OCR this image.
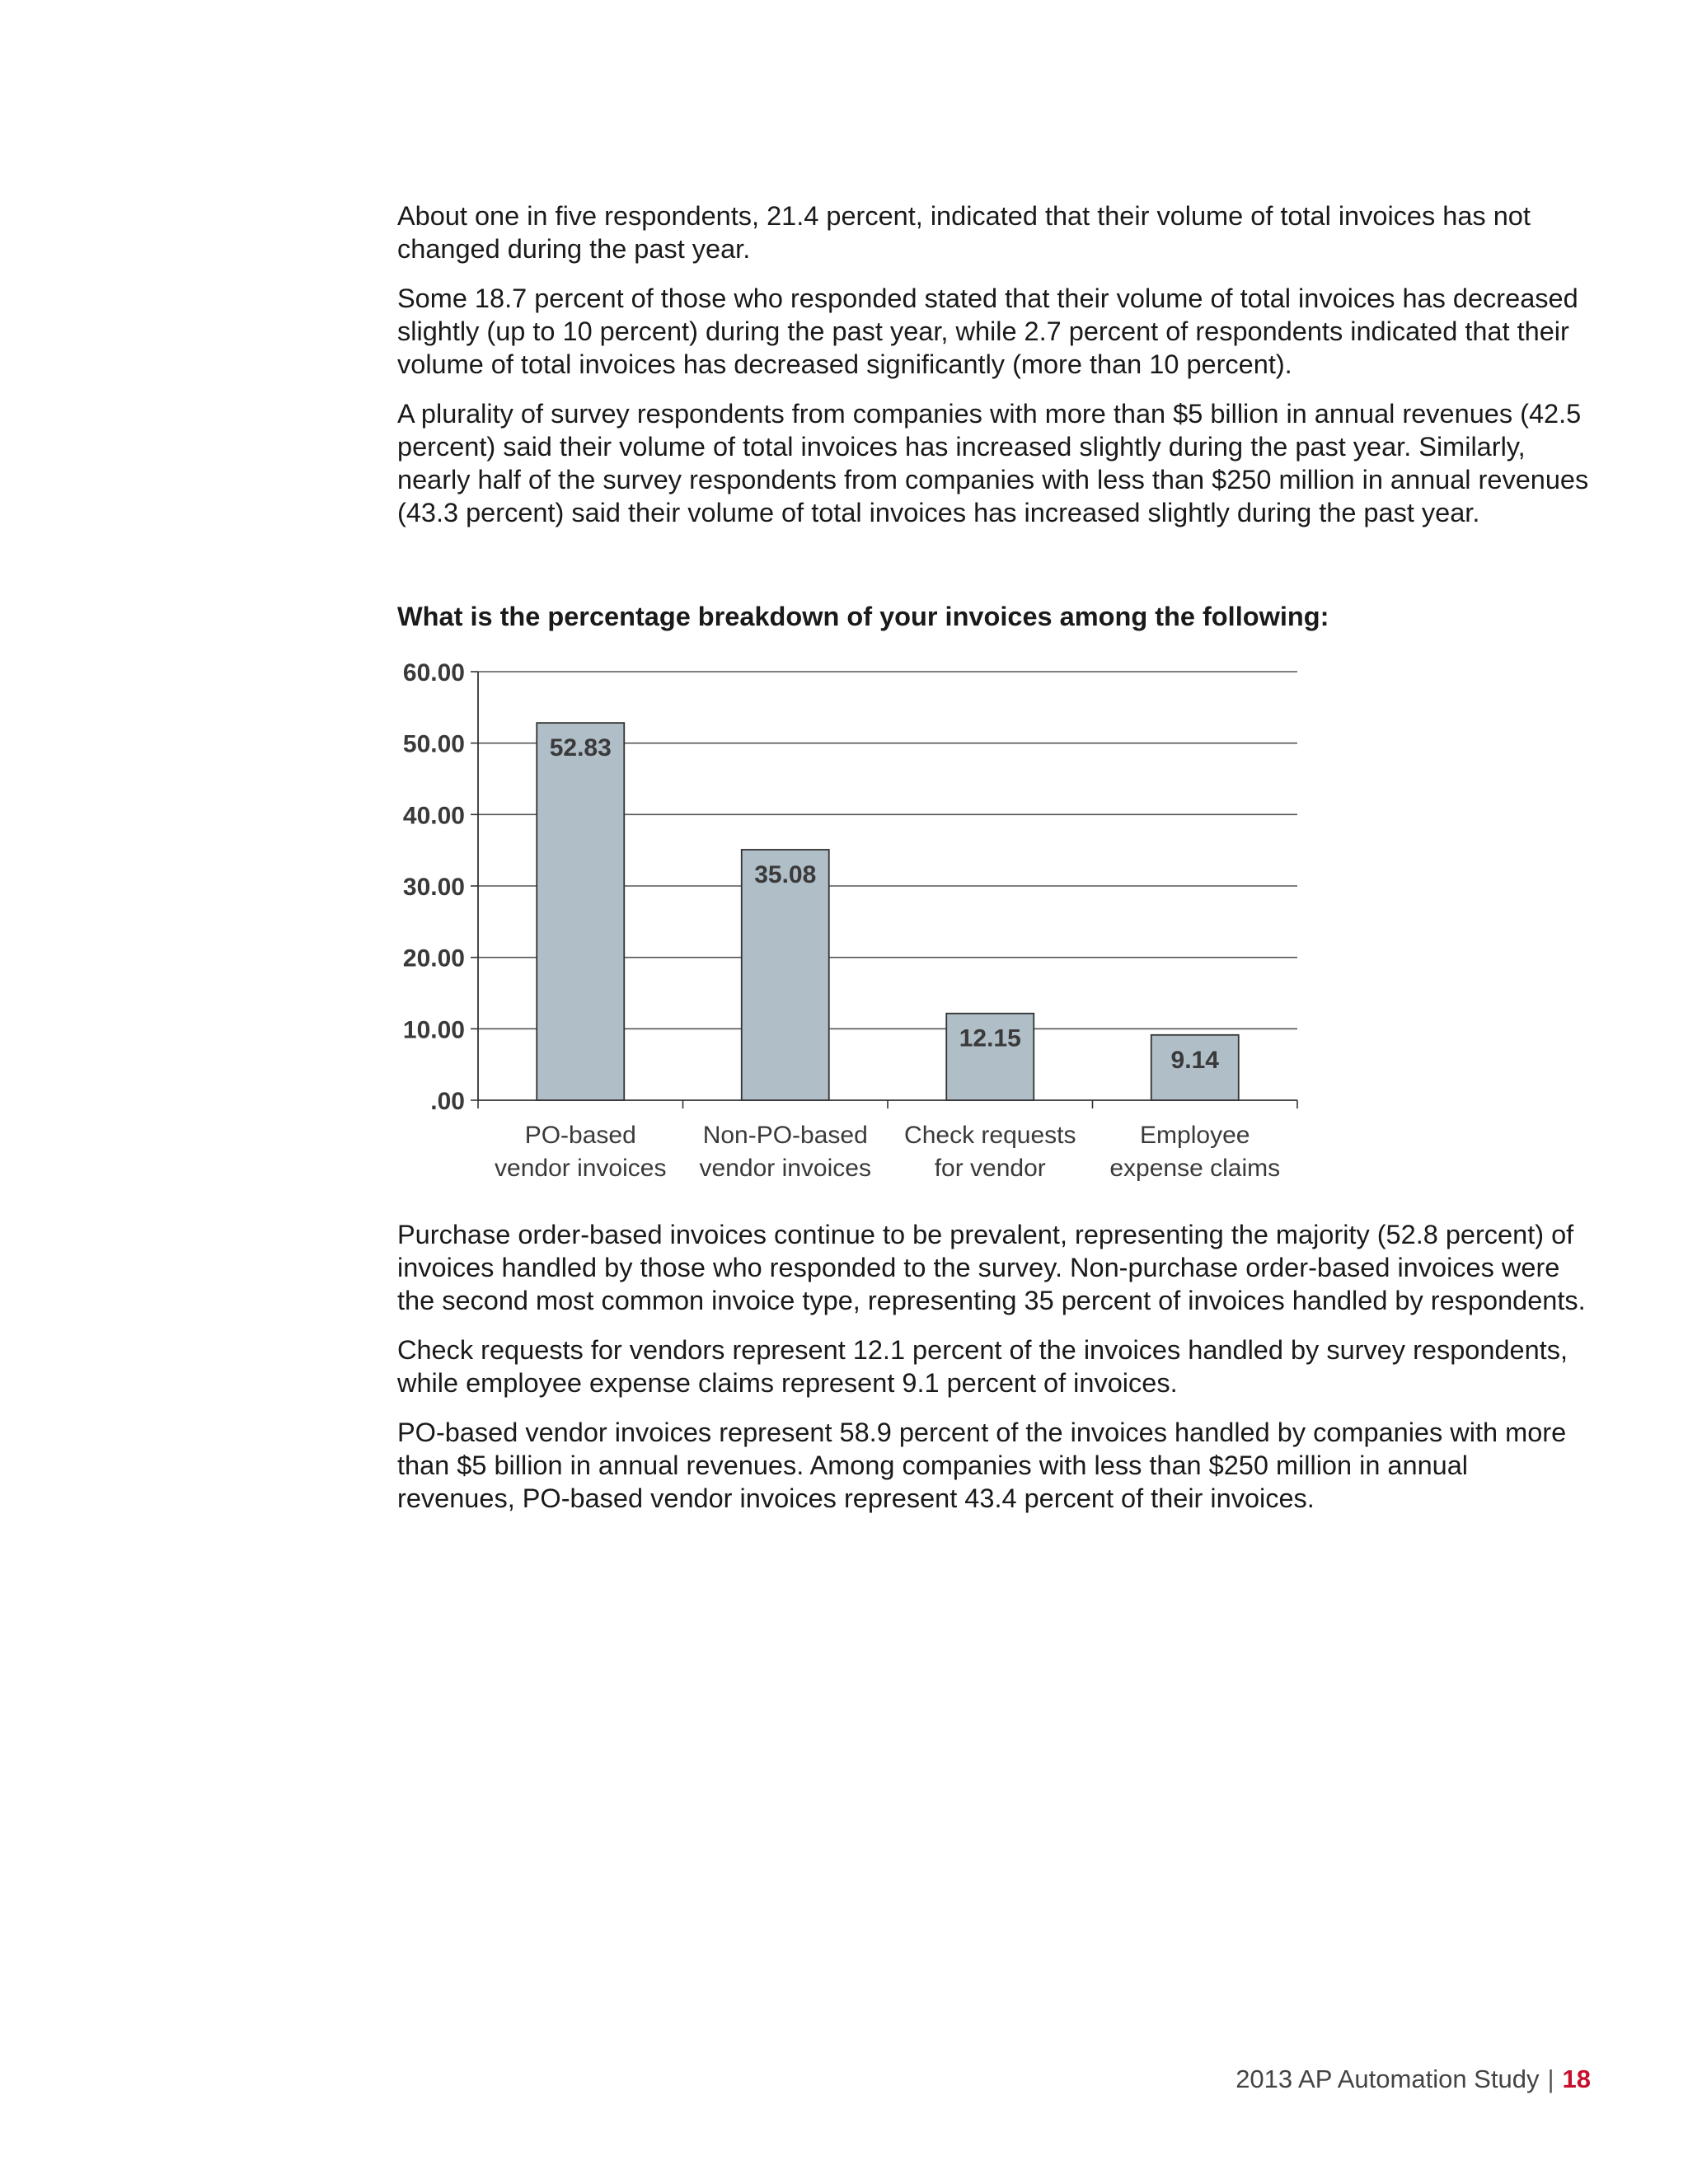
About one in five respondents, 21.4 percent, indicated that their volume of total invoices has not changed during the past year.

Some 18.7 percent of those who responded stated that their volume of total invoices has decreased slightly (up to 10 percent) during the past year, while 2.7 percent of respondents indicated that their volume of total invoices has decreased significantly (more than 10 percent).

A plurality of survey respondents from companies with more than $5 billion in annual revenues (42.5 percent) said their volume of total invoices has increased slightly during the past year. Similarly, nearly half of the survey respondents from companies with less than $250 million in annual revenues (43.3 percent) said their volume of total invoices has increased slightly during the past year.

What is the percentage breakdown of your invoices among the following:

.00
10.00
20.00
30.00
40.00
50.00
60.00
52.83
PO-based
vendor invoices
35.08
Non-PO-based
vendor invoices
12.15
Check requests
for vendor
9.14
Employee
expense claims

Purchase order-based invoices continue to be prevalent, representing the majority (52.8 percent) of invoices handled by those who responded to the survey. Non-purchase order-based invoices were the second most common invoice type, representing 35 percent of invoices handled by respondents.

Check requests for vendors represent 12.1 percent of the invoices handled by survey respondents, while employee expense claims represent 9.1 percent of invoices.

PO-based vendor invoices represent 58.9 percent of the invoices handled by companies with more than $5 billion in annual revenues. Among companies with less than $250 million in annual revenues, PO-based vendor invoices represent 43.4 percent of their invoices.

2013 AP Automation Study | 18
